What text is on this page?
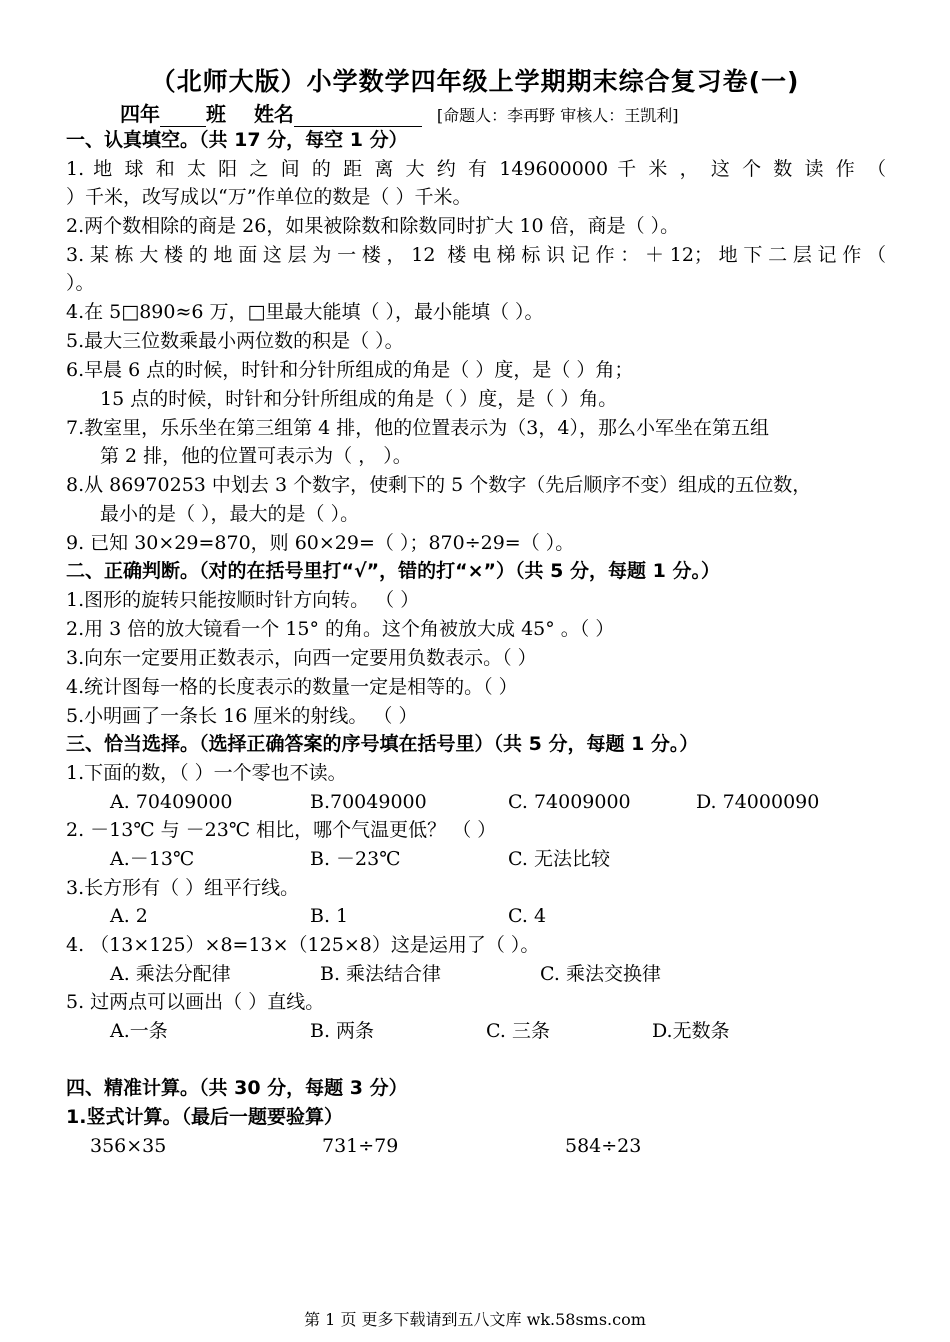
（北师大版）小学数学四年级上学期期末综合复习卷(一)
四年 班 姓名	[命题人：李再野 审核人：王凯利]
一、认真填空。（共 17 分，每空 1 分）
1. 地 球 和 太 阳 之 间 的 距 离 大 约 有 149600000 千 米 ， 这 个 数 读 作 （
）千米，改写成以“万”作单位的数是（ ）千米。
2.两个数相除的商是 26，如果被除数和除数同时扩大 10 倍，商是（ ）。
3.某栋大楼的地面这层为一楼，12 楼电梯标识记作：＋12；地下二层记作（
）。
4.在 5□890≈6 万，□里最大能填（ ），最小能填（ ）。
5.最大三位数乘最小两位数的积是（ ）。
6.早晨 6 点的时候，时针和分针所组成的角是（ ）度，是（ ）角；
15 点的时候，时针和分针所组成的角是（ ）度，是（ ）角。
7.教室里，乐乐坐在第三组第 4 排，他的位置表示为（3，4），那么小军坐在第五组
第 2 排，他的位置可表示为（ ， ）。
8.从 86970253 中划去 3 个数字，使剩下的 5 个数字（先后顺序不变）组成的五位数，
最小的是（ ），最大的是（ ）。
9. 已知 30×29=870，则 60×29=（ ）；870÷29=（ ）。
二、正确判断。（对的在括号里打“√”，错的打“×”）（共 5 分，每题 1 分。）
1.图形的旋转只能按顺时针方向转。 （ ）
2.用 3 倍的放大镜看一个 15° 的角。这个角被放大成 45° 。（ ）
3.向东一定要用正数表示，向西一定要用负数表示。（ ）
4.统计图每一格的长度表示的数量一定是相等的。（ ）
5.小明画了一条长 16 厘米的射线。 （ ）
三、恰当选择。（选择正确答案的序号填在括号里）（共 5 分，每题 1 分。）
1.下面的数，（ ）一个零也不读。
A. 70409000	B.70049000	C. 74009000	D. 74000090
2. －13℃ 与 －23℃ 相比，哪个气温更低？ （ ）
A.－13℃	B. －23℃	C. 无法比较
3.长方形有（ ）组平行线。
A. 2	B. 1	C. 4
4. （13×125）×8=13×（125×8）这是运用了（ ）。
A. 乘法分配律	B. 乘法结合律	C. 乘法交换律
5. 过两点可以画出（ ）直线。
A.一条	B. 两条	C. 三条	D.无数条
四、精准计算。（共 30 分，每题 3 分）
1.竖式计算。（最后一题要验算）
356×35	731÷79	584÷23
第 1 页 更多下载请到五八文库 wk.58sms.com
